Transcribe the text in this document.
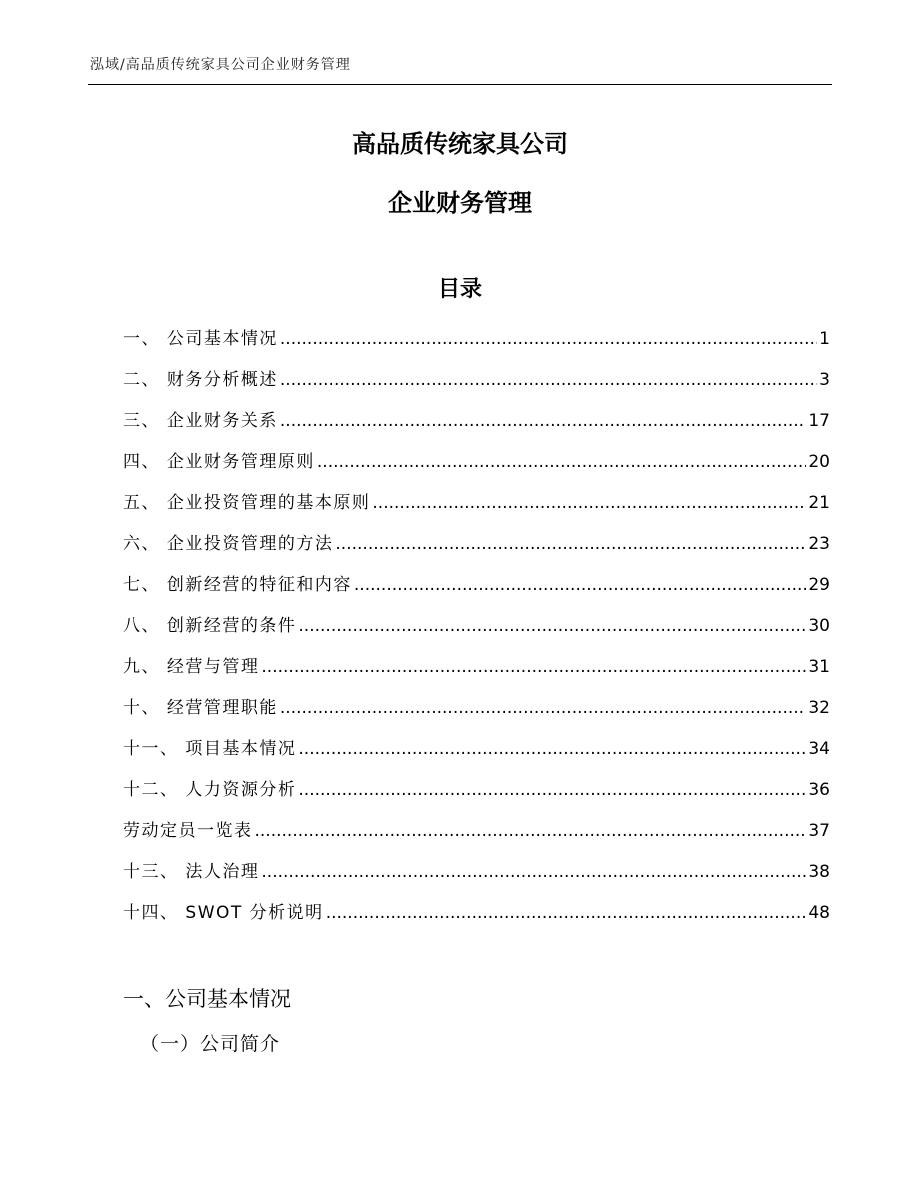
泓域/高品质传统家具公司企业财务管理
高品质传统家具公司
企业财务管理
目录
一、 公司基本情况 .....	1
二、 财务分析概述 .....	3
三、 企业财务关系 .....	17
四、 企业财务管理原则 .....	20
五、 企业投资管理的基本原则 .....	21
六、 企业投资管理的方法 .....	23
七、 创新经营的特征和内容 .....	29
八、 创新经营的条件 .....	30
九、 经营与管理 .....	31
十、 经营管理职能 .....	32
十一、 项目基本情况 .....	34
十二、 人力资源分析 .....	36
劳动定员一览表 .....	37
十三、 法人治理 .....	38
十四、 SWOT 分析说明 .....	48
一、公司基本情况
（一）公司简介
